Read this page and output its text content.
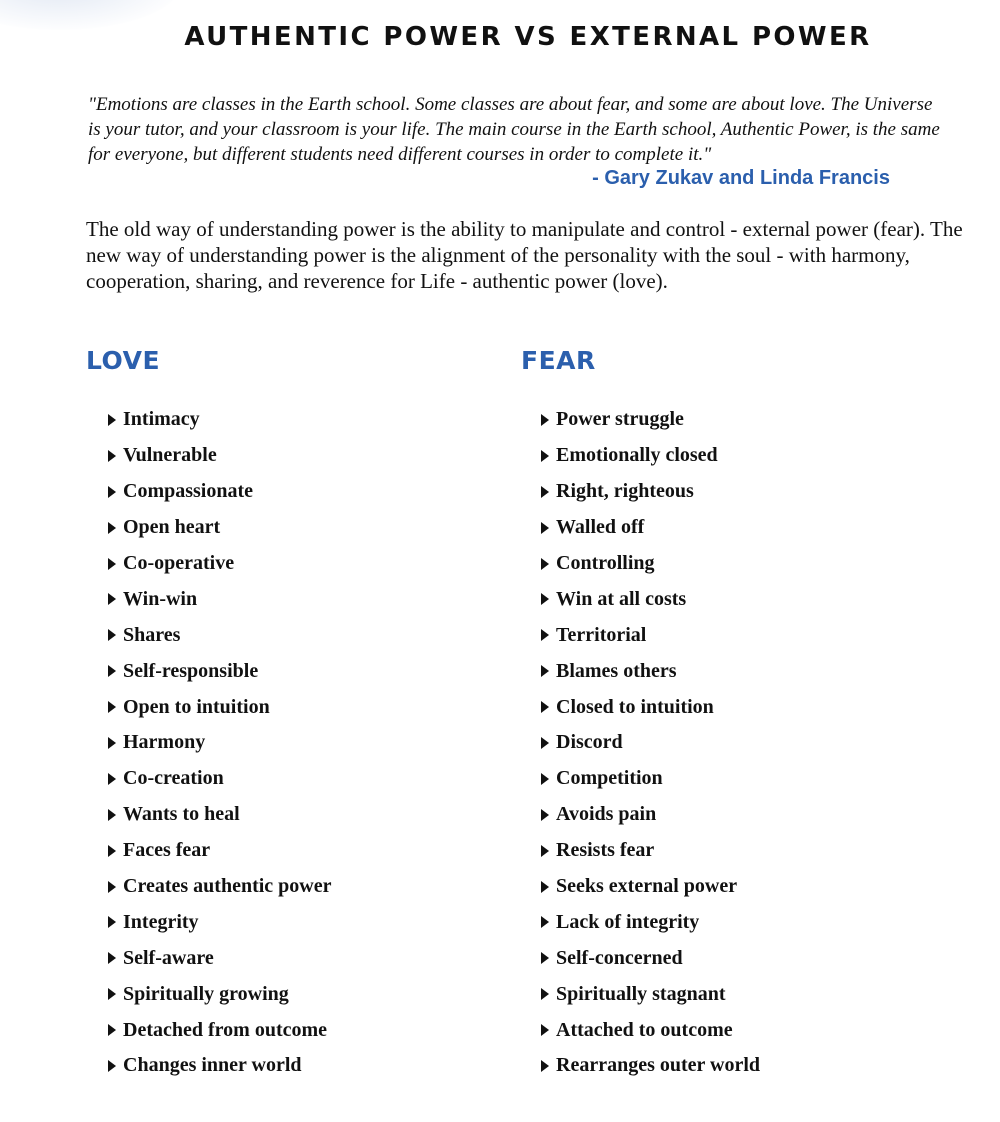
AUTHENTIC POWER VS EXTERNAL POWER

"Emotions are classes in the Earth school. Some classes are about fear, and some are about love. The Universe is your tutor, and your classroom is your life. The main course in the Earth school, Authentic Power, is the same for everyone, but different students need different courses in order to complete it."

- Gary Zukav and Linda Francis

The old way of understanding power is the ability to manipulate and control - external power (fear). The new way of understanding power is the alignment of the personality with the soul - with harmony, cooperation, sharing, and reverence for Life - authentic power (love).

LOVE	FEAR
Intimacy
Vulnerable
Compassionate
Open heart
Co-operative
Win-win
Shares
Self-responsible
Open to intuition
Harmony
Co-creation
Wants to heal
Faces fear
Creates authentic power
Integrity
Self-aware
Spiritually growing
Detached from outcome
Changes inner world
Power struggle
Emotionally closed
Right, righteous
Walled off
Controlling
Win at all costs
Territorial
Blames others
Closed to intuition
Discord
Competition
Avoids pain
Resists fear
Seeks external power
Lack of integrity
Self-concerned
Spiritually stagnant
Attached to outcome
Rearranges outer world
